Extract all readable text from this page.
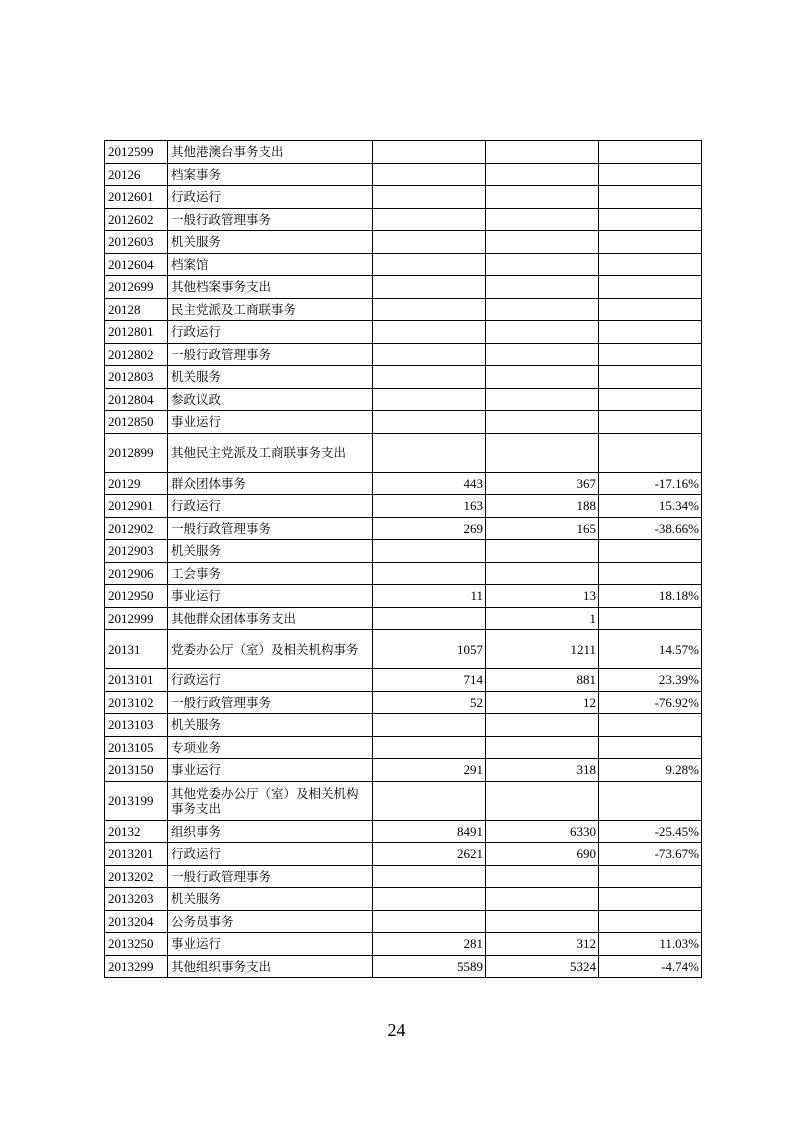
2012599	其他港澳台事务支出			
20126	档案事务			
2012601	行政运行			
2012602	一般行政管理事务			
2012603	机关服务			
2012604	档案馆			
2012699	其他档案事务支出			
20128	民主党派及工商联事务			
2012801	行政运行			
2012802	一般行政管理事务			
2012803	机关服务			
2012804	参政议政			
2012850	事业运行			
2012899	其他民主党派及工商联事务支出			
20129	群众团体事务	443	367	-17.16%
2012901	行政运行	163	188	15.34%
2012902	一般行政管理事务	269	165	-38.66%
2012903	机关服务			
2012906	工会事务			
2012950	事业运行	11	13	18.18%
2012999	其他群众团体事务支出		1	
20131	党委办公厅（室）及相关机构事务	1057	1211	14.57%
2013101	行政运行	714	881	23.39%
2013102	一般行政管理事务	52	12	-76.92%
2013103	机关服务			
2013105	专项业务			
2013150	事业运行	291	318	9.28%
2013199	其他党委办公厅（室）及相关机构事务支出			
20132	组织事务	8491	6330	-25.45%
2013201	行政运行	2621	690	-73.67%
2013202	一般行政管理事务			
2013203	机关服务			
2013204	公务员事务			
2013250	事业运行	281	312	11.03%
2013299	其他组织事务支出	5589	5324	-4.74%
24
